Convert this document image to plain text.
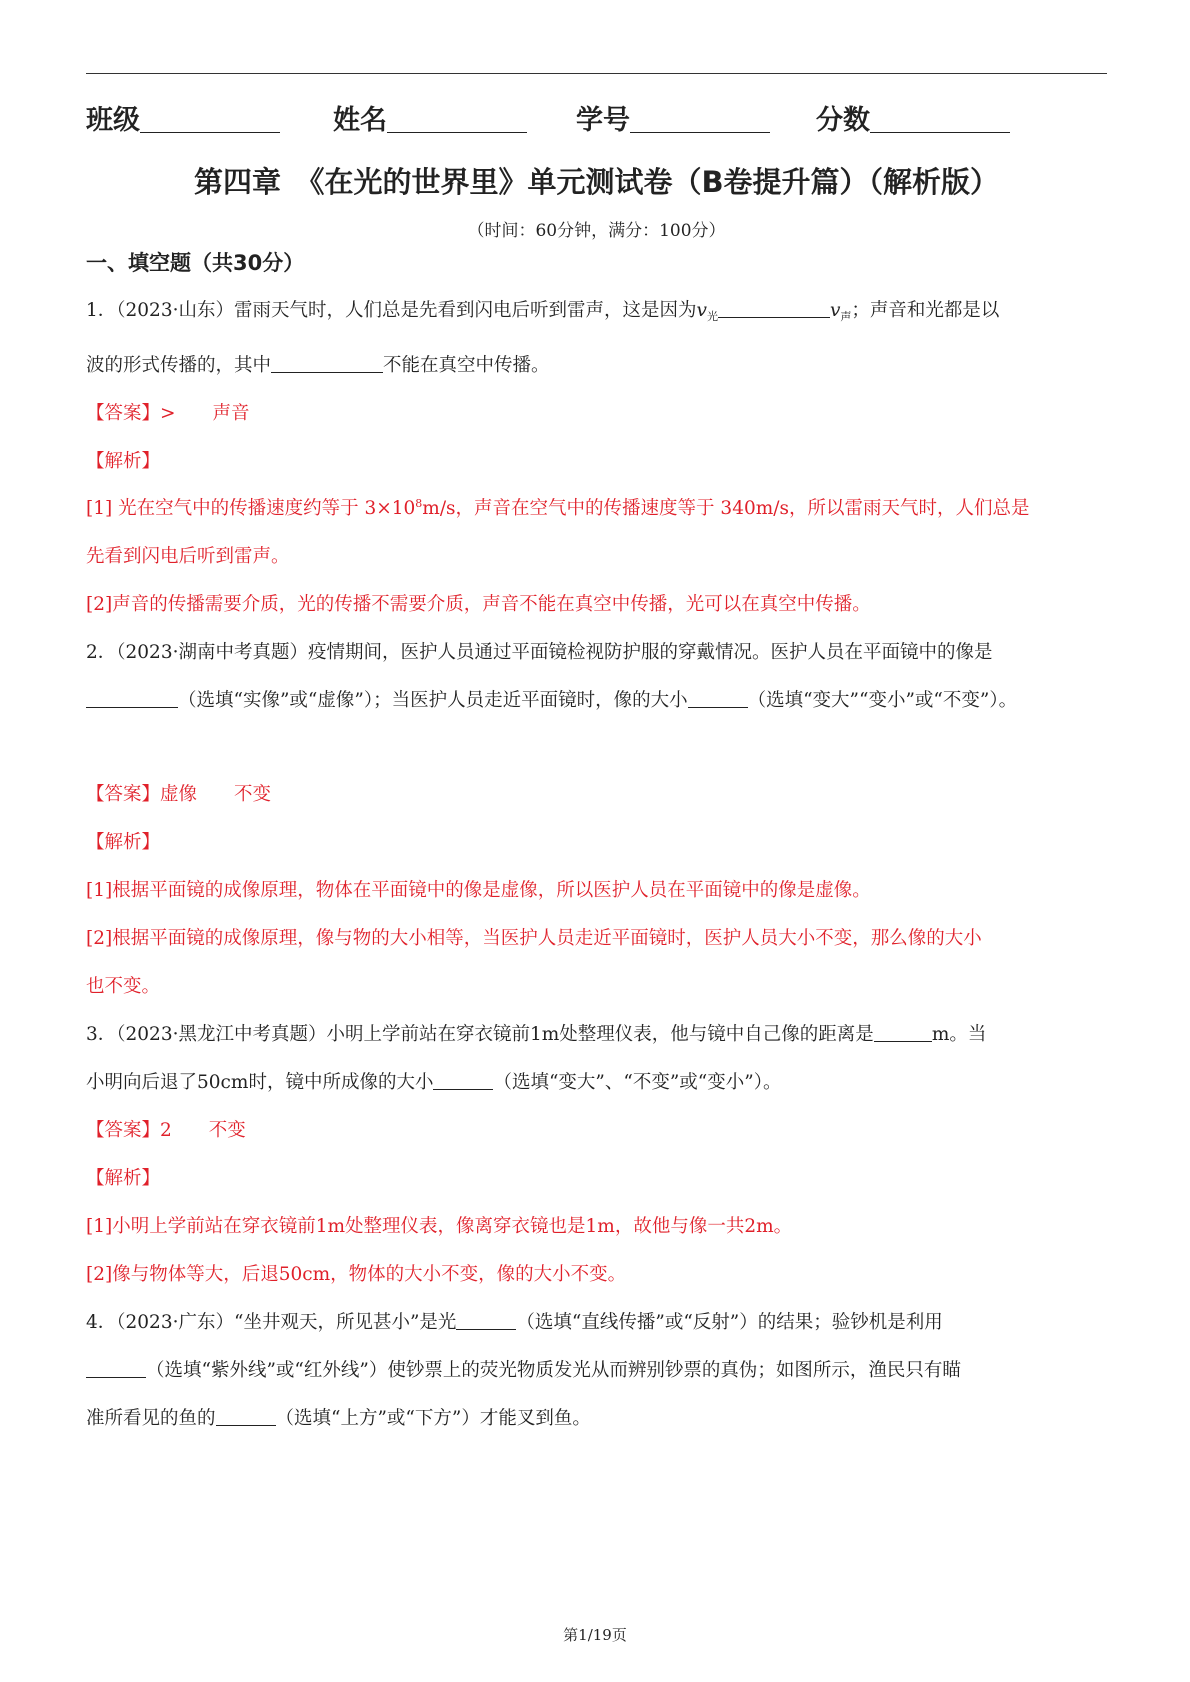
班级	姓名	学号	分数
第四章　《在光的世界里》单元测试卷（B卷提升篇）（解析版）
（时间：60分钟，满分：100分）
一、填空题（共30分）
1．（2023·山东）雷雨天气时，人们总是先看到闪电后听到雷声，这是因为$v_光$	$v_声$；声音和光都是以
波的形式传播的，其中	不能在真空中传播。
【答案】>　　声音
【解析】
[1] 光在空气中的传播速度约等于 $3\times 10^8m/s$，声音在空气中的传播速度等于 340m/s，所以雷雨天气时，人们总是
先看到闪电后听到雷声。
[2]声音的传播需要介质，光的传播不需要介质，声音不能在真空中传播，光可以在真空中传播。
2．（2023·湖南中考真题）疫情期间，医护人员通过平面镜检视防护服的穿戴情况。医护人员在平面镜中的像是
（选填“实像”或“虚像”）；当医护人员走近平面镜时，像的大小	（选填“变大”“变小”或“不变”）。
【答案】虚像　　不变
【解析】
[1]根据平面镜的成像原理，物体在平面镜中的像是虚像，所以医护人员在平面镜中的像是虚像。
[2]根据平面镜的成像原理，像与物的大小相等，当医护人员走近平面镜时，医护人员大小不变，那么像的大小
也不变。
3．（2023·黑龙江中考真题）小明上学前站在穿衣镜前1m处整理仪表，他与镜中自己像的距离是	m。当
小明向后退了50cm时，镜中所成像的大小	（选填“变大”、“不变”或“变小”）。
【答案】2　　不变
【解析】
[1]小明上学前站在穿衣镜前1m处整理仪表，像离穿衣镜也是1m，故他与像一共2m。
[2]像与物体等大，后退50cm，物体的大小不变，像的大小不变。
4．（2023·广东）“坐井观天，所见甚小”是光	（选填“直线传播”或“反射”）的结果；验钞机是利用
（选填“紫外线”或“红外线”）使钞票上的荧光物质发光从而辨别钞票的真伪；如图所示，渔民只有瞄
准所看见的鱼的	（选填“上方”或“下方”）才能叉到鱼。
第1/19页
